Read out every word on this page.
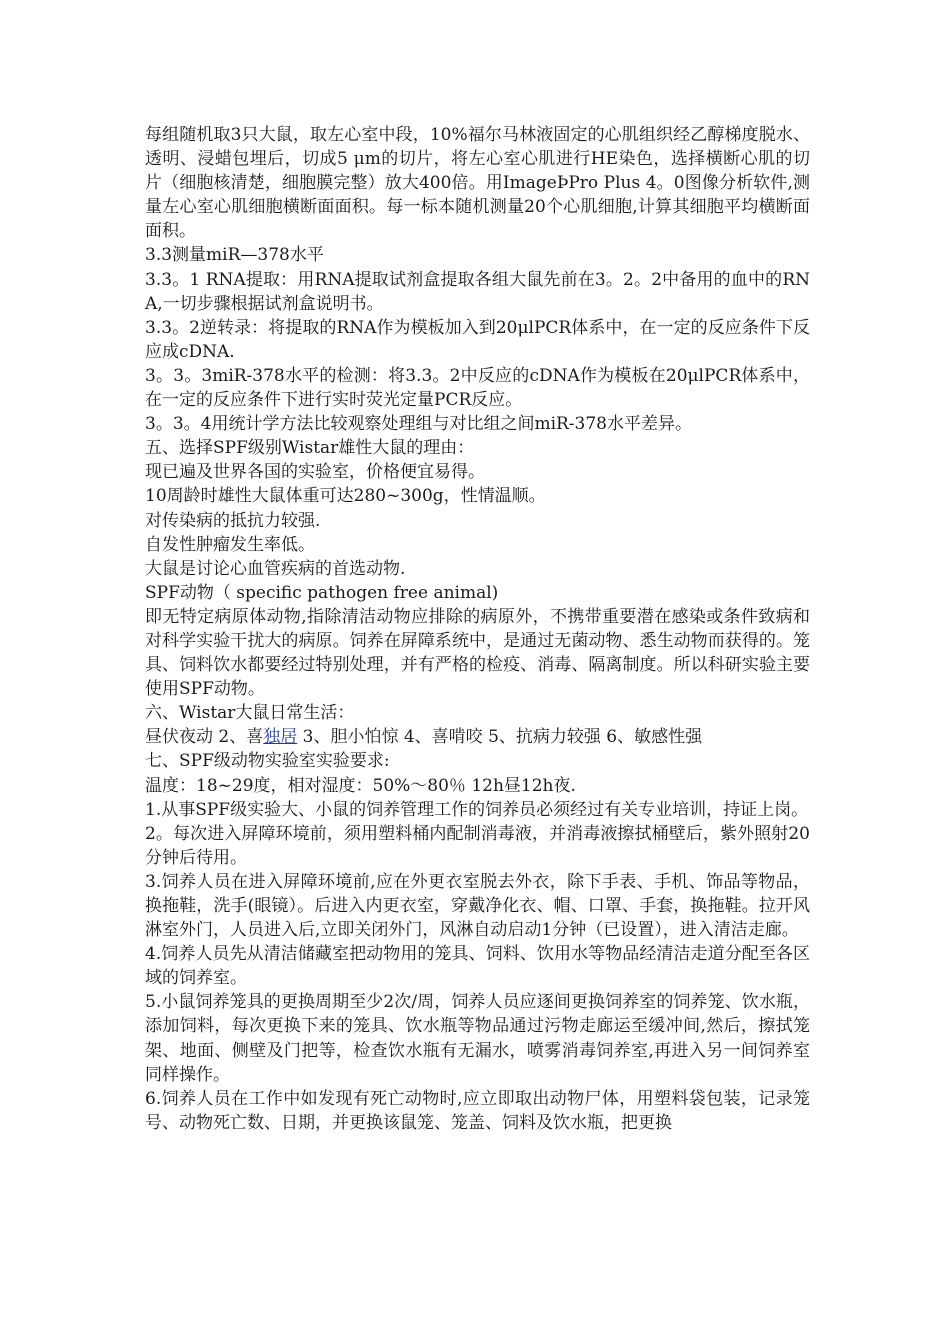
每组随机取3只大鼠，取左心室中段，10%福尔马林液固定的心肌组织经乙醇梯度脱水、透明、浸蜡包埋后，切成5 μm的切片，将左心室心肌进行HE染色，选择横断心肌的切片（细胞核清楚，细胞膜完整）放大400倍。用ImageÞPro Plus 4。0图像分析软件,测量左心室心肌细胞横断面面积。每一标本随机测量20个心肌细胞,计算其细胞平均横断面面积。

3.3测量miR—378水平

3.3。1 RNA提取：用RNA提取试剂盒提取各组大鼠先前在3。2。2中备用的血中的RNA,一切步骤根据试剂盒说明书。

3.3。2逆转录：将提取的RNA作为模板加入到20μlPCR体系中，在一定的反应条件下反应成cDNA.

3。3。3miR-378水平的检测：将3.3。2中反应的cDNA作为模板在20μlPCR体系中，在一定的反应条件下进行实时荧光定量PCR反应。

3。3。4用统计学方法比较观察处理组与对比组之间miR-378水平差异。

五、选择SPF级别Wistar雄性大鼠的理由：

现已遍及世界各国的实验室，价格便宜易得。

10周龄时雄性大鼠体重可达280~300g，性情温顺。

对传染病的抵抗力较强.

自发性肿瘤发生率低。

大鼠是讨论心血管疾病的首选动物.

SPF动物（ specific pathogen free animal)

即无特定病原体动物,指除清洁动物应排除的病原外，不携带重要潜在感染或条件致病和对科学实验干扰大的病原。饲养在屏障系统中，是通过无菌动物、悉生动物而获得的。笼具、饲料饮水都要经过特别处理，并有严格的检疫、消毒、隔离制度。所以科研实验主要使用SPF动物。

六、Wistar大鼠日常生活：

昼伏夜动 2、喜独居 3、胆小怕惊 4、喜啃咬 5、抗病力较强 6、敏感性强

七、SPF级动物实验室实验要求:

温度：18~29度，相对湿度：50%～80％ 12h昼12h夜.

1.从事SPF级实验大、小鼠的饲养管理工作的饲养员必须经过有关专业培训，持证上岗。

2。每次进入屏障环境前，须用塑料桶内配制消毒液，并消毒液擦拭桶壁后，紫外照射20分钟后待用。

3.饲养人员在进入屏障环境前,应在外更衣室脱去外衣，除下手表、手机、饰品等物品，换拖鞋，洗手(眼镜）。后进入内更衣室，穿戴净化衣、帽、口罩、手套，换拖鞋。拉开风淋室外门，人员进入后,立即关闭外门，风淋自动启动1分钟（已设置），进入清洁走廊。

4.饲养人员先从清洁储藏室把动物用的笼具、饲料、饮用水等物品经清洁走道分配至各区域的饲养室。

5.小鼠饲养笼具的更换周期至少2次/周，饲养人员应逐间更换饲养室的饲养笼、饮水瓶，添加饲料，每次更换下来的笼具、饮水瓶等物品通过污物走廊运至缓冲间,然后，擦拭笼架、地面、侧壁及门把等，检查饮水瓶有无漏水，喷雾消毒饲养室,再进入另一间饲养室同样操作。

6.饲养人员在工作中如发现有死亡动物时,应立即取出动物尸体，用塑料袋包装，记录笼号、动物死亡数、日期，并更换该鼠笼、笼盖、饲料及饮水瓶，把更换
